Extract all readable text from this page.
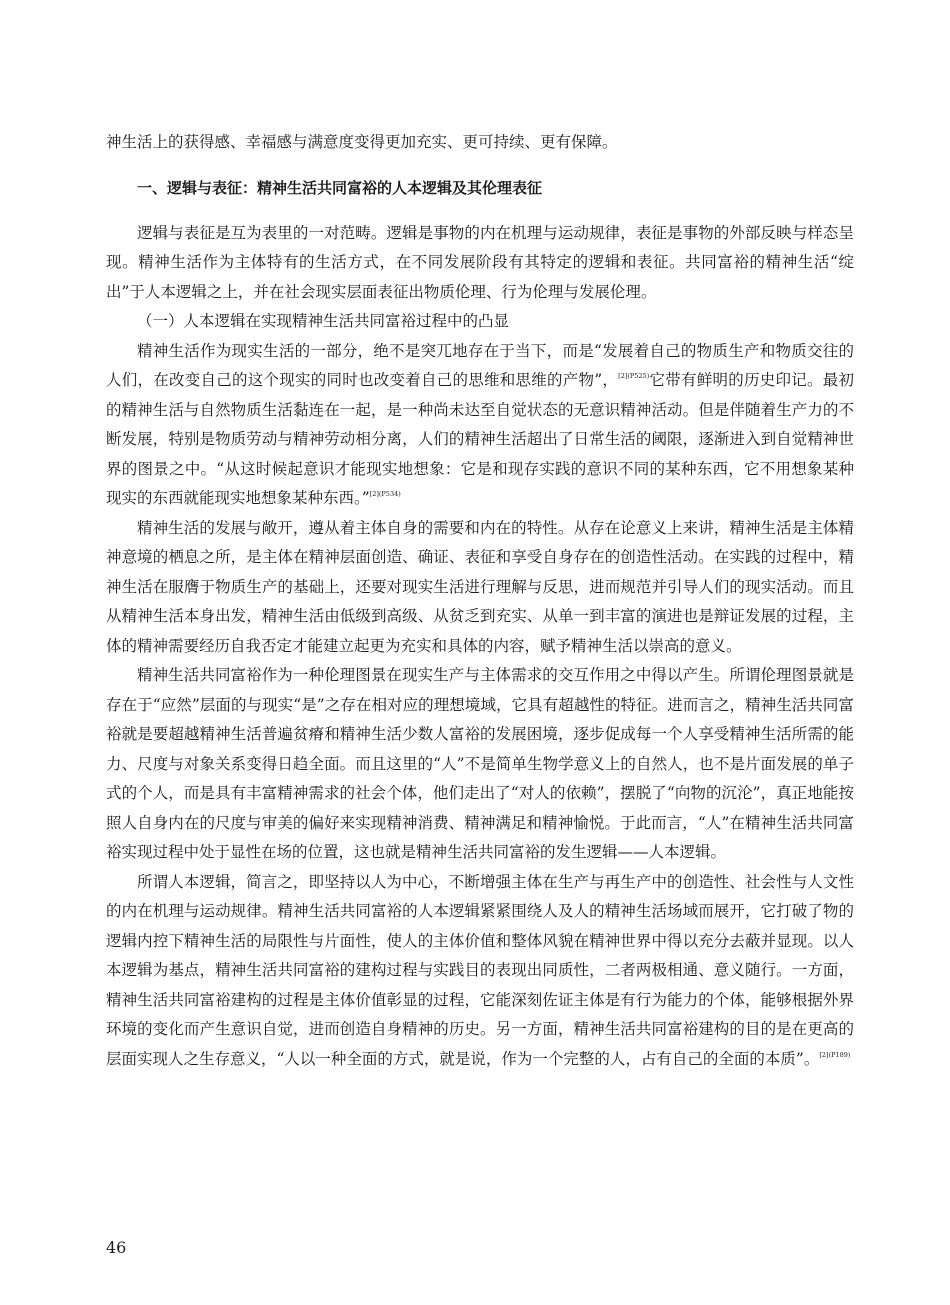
神生活上的获得感、幸福感与满意度变得更加充实、更可持续、更有保障。

一、逻辑与表征：精神生活共同富裕的人本逻辑及其伦理表征

逻辑与表征是互为表里的一对范畴。逻辑是事物的内在机理与运动规律，表征是事物的外部反映与样态呈现。精神生活作为主体特有的生活方式，在不同发展阶段有其特定的逻辑和表征。共同富裕的精神生活“绽出”于人本逻辑之上，并在社会现实层面表征出物质伦理、行为伦理与发展伦理。

（一）人本逻辑在实现精神生活共同富裕过程中的凸显

精神生活作为现实生活的一部分，绝不是突兀地存在于当下，而是“发展着自己的物质生产和物质交往的人们，在改变自己的这个现实的同时也改变着自己的思维和思维的产物”，$^{[2](P525)}$它带有鲜明的历史印记。最初的精神生活与自然物质生活黏连在一起，是一种尚未达至自觉状态的无意识精神活动。但是伴随着生产力的不断发展，特别是物质劳动与精神劳动相分离，人们的精神生活超出了日常生活的阈限，逐渐进入到自觉精神世界的图景之中。“从这时候起意识才能现实地想象：它是和现存实践的意识不同的某种东西，它不用想象某种现实的东西就能现实地想象某种东西。”$^{[2](P534)}$

精神生活的发展与敞开，遵从着主体自身的需要和内在的特性。从存在论意义上来讲，精神生活是主体精神意境的栖息之所，是主体在精神层面创造、确证、表征和享受自身存在的创造性活动。在实践的过程中，精神生活在服膺于物质生产的基础上，还要对现实生活进行理解与反思，进而规范并引导人们的现实活动。而且从精神生活本身出发，精神生活由低级到高级、从贫乏到充实、从单一到丰富的演进也是辩证发展的过程，主体的精神需要经历自我否定才能建立起更为充实和具体的内容，赋予精神生活以崇高的意义。

精神生活共同富裕作为一种伦理图景在现实生产与主体需求的交互作用之中得以产生。所谓伦理图景就是存在于“应然”层面的与现实“是”之存在相对应的理想境域，它具有超越性的特征。进而言之，精神生活共同富裕就是要超越精神生活普遍贫瘠和精神生活少数人富裕的发展困境，逐步促成每一个人享受精神生活所需的能力、尺度与对象关系变得日趋全面。而且这里的“人”不是简单生物学意义上的自然人，也不是片面发展的单子式的个人，而是具有丰富精神需求的社会个体，他们走出了“对人的依赖”，摆脱了“向物的沉沦”，真正地能按照人自身内在的尺度与审美的偏好来实现精神消费、精神满足和精神愉悦。于此而言，“人”在精神生活共同富裕实现过程中处于显性在场的位置，这也就是精神生活共同富裕的发生逻辑——人本逻辑。

所谓人本逻辑，简言之，即坚持以人为中心，不断增强主体在生产与再生产中的创造性、社会性与人文性的内在机理与运动规律。精神生活共同富裕的人本逻辑紧紧围绕人及人的精神生活场域而展开，它打破了物的逻辑内控下精神生活的局限性与片面性，使人的主体价值和整体风貌在精神世界中得以充分去蔽并显现。以人本逻辑为基点，精神生活共同富裕的建构过程与实践目的表现出同质性，二者两极相通、意义随行。一方面，精神生活共同富裕建构的过程是主体价值彰显的过程，它能深刻佐证主体是有行为能力的个体，能够根据外界环境的变化而产生意识自觉，进而创造自身精神的历史。另一方面，精神生活共同富裕建构的目的是在更高的层面实现人之生存意义，“人以一种全面的方式，就是说，作为一个完整的人，占有自己的全面的本质”。$^{[2](P189)}$

46
